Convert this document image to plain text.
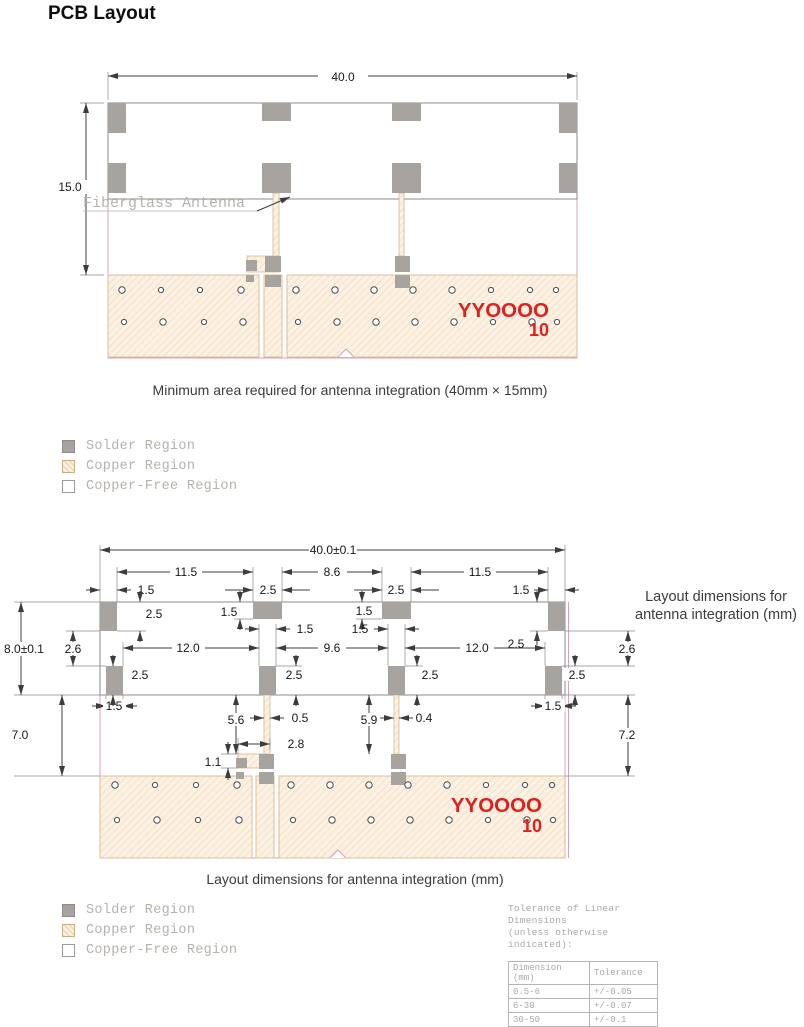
PCB Layout
YYOOOO
10
40.0
15.0
Fiberglass Antenna
Minimum area required for antenna integration (40mm × 15mm)
Solder Region
Copper Region
Copper-Free Region
YYOOOO
10
40.0±0.1
11.5	8.6	11.5
1.5	2.5	2.5	1.5
2.5	1.5	1.5
2.5
12.0	9.6	12.0
1.5	1.5
2.6	2.6
8.0±0.1
7.0	7.2
1.5	1.5
2.5	2.5	2.5	2.5
5.6	0.5
2.8
1.1
5.9	0.4
Layout dimensions for
antenna integration (mm)
Layout dimensions for antenna integration (mm)
Solder Region
Copper Region
Copper-Free Region
Tolerance of Linear Dimensions
(unless otherwise indicated):
Dimension (mm)	Tolerance
0.5-6	+/-0.05
6-30	+/-0.07
30-50	+/-0.1
